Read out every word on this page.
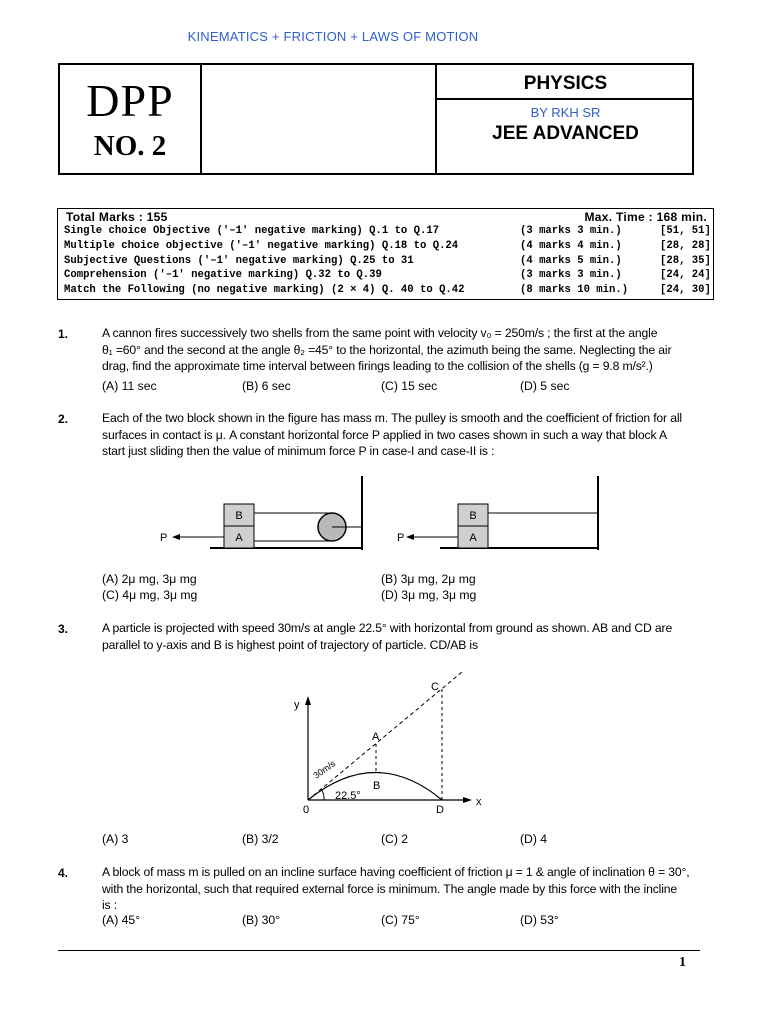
KINEMATICS + FRICTION + LAWS OF MOTION
DPP
NO. 2
PHYSICS
BY RKH SR
JEE ADVANCED
Total Marks : 155	Max. Time : 168 min.
Single choice Objective ('–1' negative marking) Q.1 to Q.17	(3 marks 3 min.)	[51, 51]
Multiple choice objective ('–1' negative marking) Q.18 to Q.24	(4 marks 4 min.)	[28, 28]
Subjective Questions ('–1' negative marking) Q.25 to 31	(4 marks 5 min.)	[28, 35]
Comprehension ('–1' negative marking) Q.32 to Q.39	(3 marks 3 min.)	[24, 24]
Match the Following (no negative marking) (2 × 4) Q. 40 to Q.42	(8 marks 10 min.)	[24, 30]
1.	A cannon fires successively two shells from the same point with velocity v₀ = 250m/s ; the first at the angle
θ₁ =60° and the second at the angle θ₂ =45° to the horizontal, the azimuth being the same. Neglecting the air
drag, find the approximate time interval between firings leading to the collision of the shells (g = 9.8 m/s².)
(A) 11 sec	(B) 6 sec	(C) 15 sec	(D) 5 sec
2.	Each of the two block shown in the figure has mass m. The pulley is smooth and the coefficient of friction for all
surfaces in contact is μ. A constant horizontal force P applied in two cases shown in such a way that block A
start just sliding then the value of minimum force P in case-I and case-II is :
B
A
P
B
A
P
(A) 2μ mg, 3μ mg	(B) 3μ mg, 2μ mg
(C) 4μ mg, 3μ mg	(D) 3μ mg, 3μ mg
3.	A particle is projected with speed 30m/s at angle 22.5° with horizontal from ground as shown. AB and CD are
parallel to y-axis and B is highest point of trajectory of particle. CD/AB is
y
x
0
A
B
C
D
22.5°
30m/s
(A) 3	(B) 3/2	(C) 2	(D) 4
4.	A block of mass m is pulled on an incline surface having coefficient of friction μ = 1 & angle of inclination θ = 30°,
with the horizontal, such that required external force is minimum. The angle made by this force with the incline
is :
(A) 45°	(B) 30°	(C) 75°	(D) 53°
1
